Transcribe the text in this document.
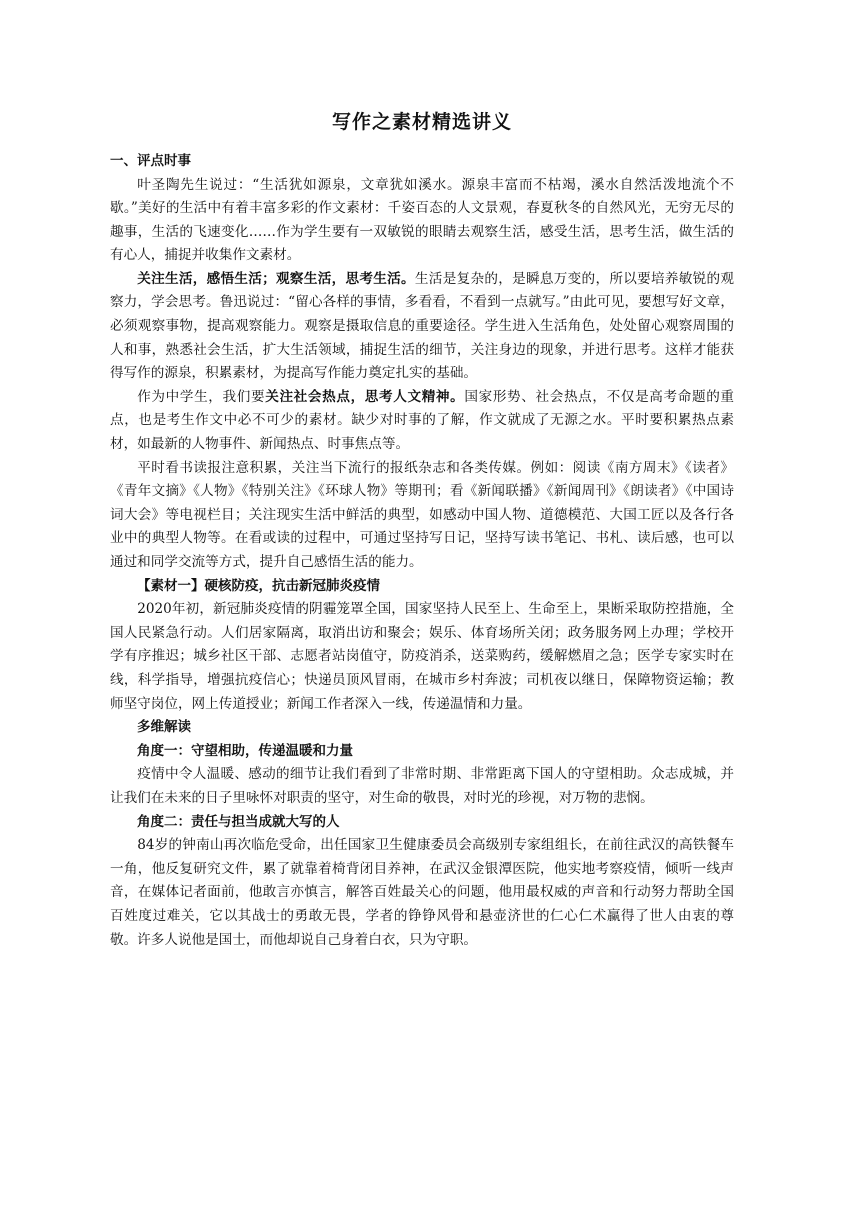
写作之素材精选讲义
一、评点时事

叶圣陶先生说过：“生活犹如源泉，文章犹如溪水。源泉丰富而不枯竭，溪水自然活泼地流个不歇。”美好的生活中有着丰富多彩的作文素材：千姿百态的人文景观，春夏秋冬的自然风光，无穷无尽的趣事，生活的飞速变化……作为学生要有一双敏锐的眼睛去观察生活，感受生活，思考生活，做生活的有心人，捕捉并收集作文素材。

关注生活，感悟生活；观察生活，思考生活。生活是复杂的，是瞬息万变的，所以要培养敏锐的观察力，学会思考。鲁迅说过：“留心各样的事情，多看看，不看到一点就写。”由此可见，要想写好文章，必须观察事物，提高观察能力。观察是摄取信息的重要途径。学生进入生活角色，处处留心观察周围的人和事，熟悉社会生活，扩大生活领域，捕捉生活的细节，关注身边的现象，并进行思考。这样才能获得写作的源泉，积累素材，为提高写作能力奠定扎实的基础。

作为中学生，我们要关注社会热点，思考人文精神。国家形势、社会热点，不仅是高考命题的重点，也是考生作文中必不可少的素材。缺少对时事的了解，作文就成了无源之水。平时要积累热点素材，如最新的人物事件、新闻热点、时事焦点等。

平时看书读报注意积累，关注当下流行的报纸杂志和各类传媒。例如：阅读《南方周末》《读者》《青年文摘》《人物》《特别关注》《环球人物》等期刊；看《新闻联播》《新闻周刊》《朗读者》《中国诗词大会》等电视栏目；关注现实生活中鲜活的典型，如感动中国人物、道德模范、大国工匠以及各行各业中的典型人物等。在看或读的过程中，可通过坚持写日记，坚持写读书笔记、书札、读后感，也可以通过和同学交流等方式，提升自己感悟生活的能力。

【素材一】硬核防疫，抗击新冠肺炎疫情

2020年初，新冠肺炎疫情的阴霾笼罩全国，国家坚持人民至上、生命至上，果断采取防控措施，全国人民紧急行动。人们居家隔离，取消出访和聚会；娱乐、体育场所关闭；政务服务网上办理；学校开学有序推迟；城乡社区干部、志愿者站岗值守，防疫消杀，送菜购药，缓解燃眉之急；医学专家实时在线，科学指导，增强抗疫信心；快递员顶风冒雨，在城市乡村奔波；司机夜以继日，保障物资运输；教师坚守岗位，网上传道授业；新闻工作者深入一线，传递温情和力量。

多维解读
角度一：守望相助，传递温暖和力量

疫情中令人温暖、感动的细节让我们看到了非常时期、非常距离下国人的守望相助。众志成城，并让我们在未来的日子里咏怀对职责的坚守，对生命的敬畏，对时光的珍视，对万物的悲悯。

角度二：责任与担当成就大写的人

84岁的钟南山再次临危受命，出任国家卫生健康委员会高级别专家组组长，在前往武汉的高铁餐车一角，他反复研究文件，累了就靠着椅背闭目养神，在武汉金银潭医院，他实地考察疫情，倾听一线声音，在媒体记者面前，他敢言亦慎言，解答百姓最关心的问题，他用最权威的声音和行动努力帮助全国百姓度过难关，它以其战士的勇敢无畏，学者的铮铮风骨和悬壶济世的仁心仁术赢得了世人由衷的尊敬。许多人说他是国士，而他却说自己身着白衣，只为守职。
